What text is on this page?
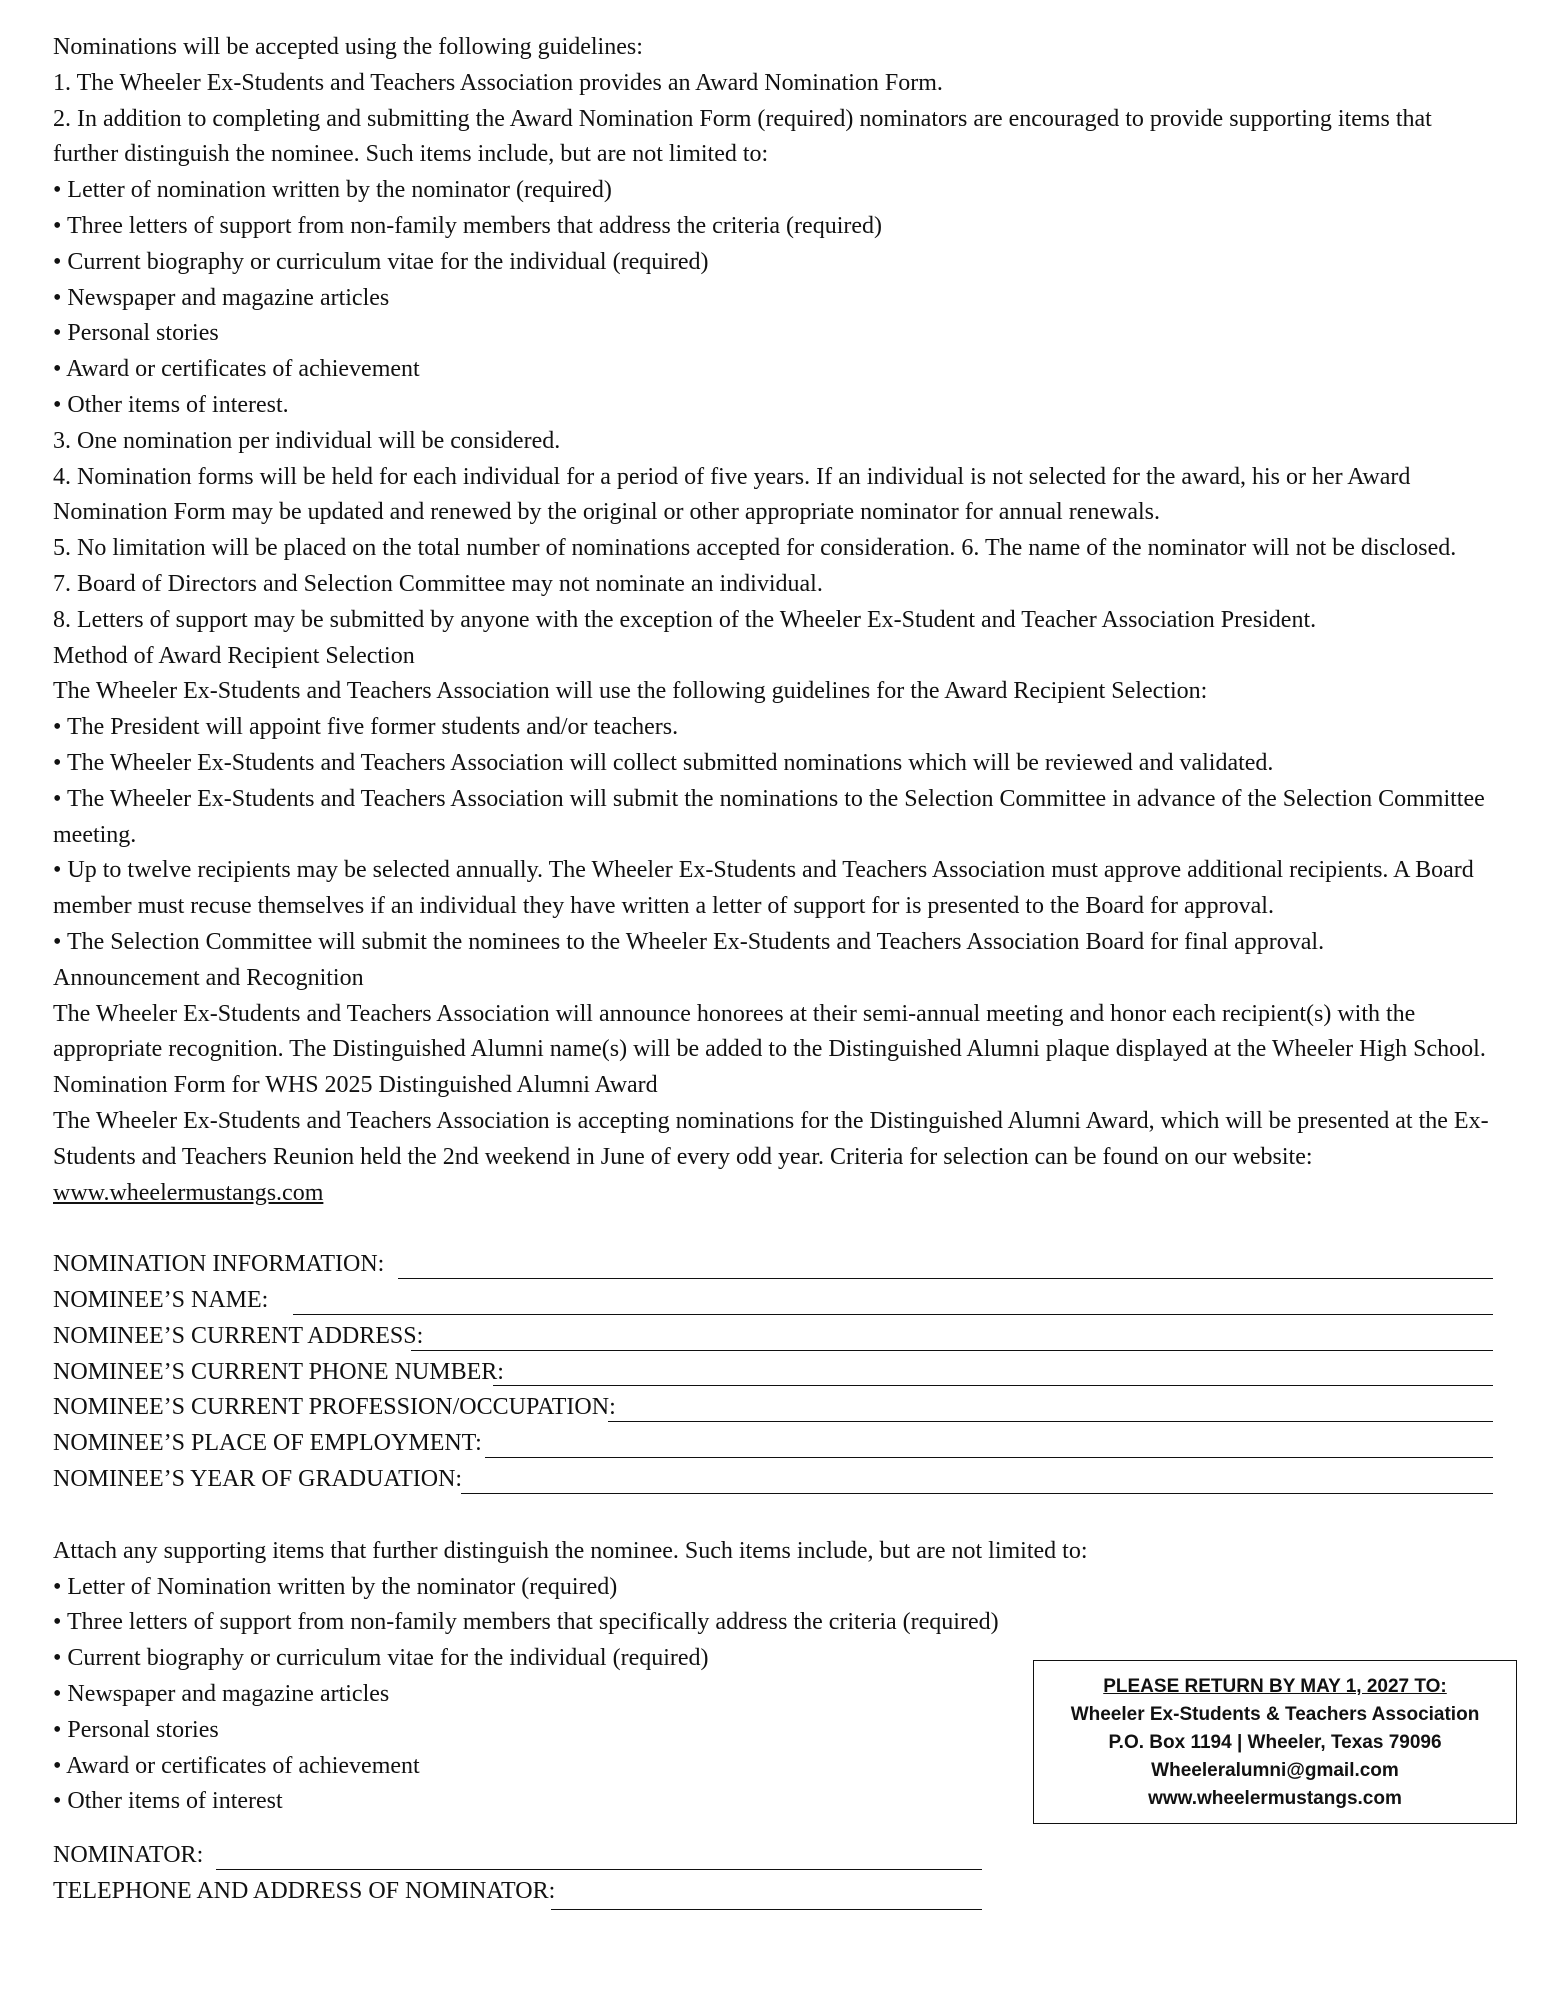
Nominations will be accepted using the following guidelines:

1. The Wheeler Ex-Students and Teachers Association provides an Award Nomination Form.

2. In addition to completing and submitting the Award Nomination Form (required) nominators are encouraged to provide supporting items that further distinguish the nominee. Such items include, but are not limited to:

• Letter of nomination written by the nominator (required)

• Three letters of support from non-family members that address the criteria (required)

• Current biography or curriculum vitae for the individual (required)

• Newspaper and magazine articles

• Personal stories

• Award or certificates of achievement

• Other items of interest.

3. One nomination per individual will be considered.

4. Nomination forms will be held for each individual for a period of five years. If an individual is not selected for the award, his or her Award Nomination Form may be updated and renewed by the original or other appropriate nominator for annual renewals.

5. No limitation will be placed on the total number of nominations accepted for consideration. 6. The name of the nominator will not be disclosed.

7. Board of Directors and Selection Committee may not nominate an individual.

8. Letters of support may be submitted by anyone with the exception of the Wheeler Ex-Student and Teacher Association President.

Method of Award Recipient Selection

The Wheeler Ex-Students and Teachers Association will use the following guidelines for the Award Recipient Selection:

• The President will appoint five former students and/or teachers.

• The Wheeler Ex-Students and Teachers Association will collect submitted nominations which will be reviewed and validated.

• The Wheeler Ex-Students and Teachers Association will submit the nominations to the Selection Committee in advance of the Selection Committee meeting.

• Up to twelve recipients may be selected annually. The Wheeler Ex-Students and Teachers Association must approve additional recipients. A Board member must recuse themselves if an individual they have written a letter of support for is presented to the Board for approval.

• The Selection Committee will submit the nominees to the Wheeler Ex-Students and Teachers Association Board for final approval.

Announcement and Recognition

The Wheeler Ex-Students and Teachers Association will announce honorees at their semi-annual meeting and honor each recipient(s) with the appropriate recognition. The Distinguished Alumni name(s) will be added to the Distinguished Alumni plaque displayed at the Wheeler High School.

Nomination Form for WHS 2025 Distinguished Alumni Award

The Wheeler Ex-Students and Teachers Association is accepting nominations for the Distinguished Alumni Award, which will be presented at the Ex-

Students and Teachers Reunion held the 2nd weekend in June of every odd year. Criteria for selection can be found on our website:

www.wheelermustangs.com

NOMINATION INFORMATION:
NOMINEE’S NAME:
NOMINEE’S CURRENT ADDRESS:
NOMINEE’S CURRENT PHONE NUMBER:
NOMINEE’S CURRENT PROFESSION/OCCUPATION:
NOMINEE’S PLACE OF EMPLOYMENT:
NOMINEE’S YEAR OF GRADUATION:

Attach any supporting items that further distinguish the nominee. Such items include, but are not limited to:

• Letter of Nomination written by the nominator (required)

• Three letters of support from non-family members that specifically address the criteria (required)

• Current biography or curriculum vitae for the individual (required)

• Newspaper and magazine articles

• Personal stories

• Award or certificates of achievement

• Other items of interest

NOMINATOR:
TELEPHONE AND ADDRESS OF NOMINATOR:
PLEASE RETURN BY MAY 1, 2027 TO:
Wheeler Ex-Students & Teachers Association
P.O. Box 1194 | Wheeler, Texas 79096
Wheeleralumni@gmail.com
www.wheelermustangs.com
